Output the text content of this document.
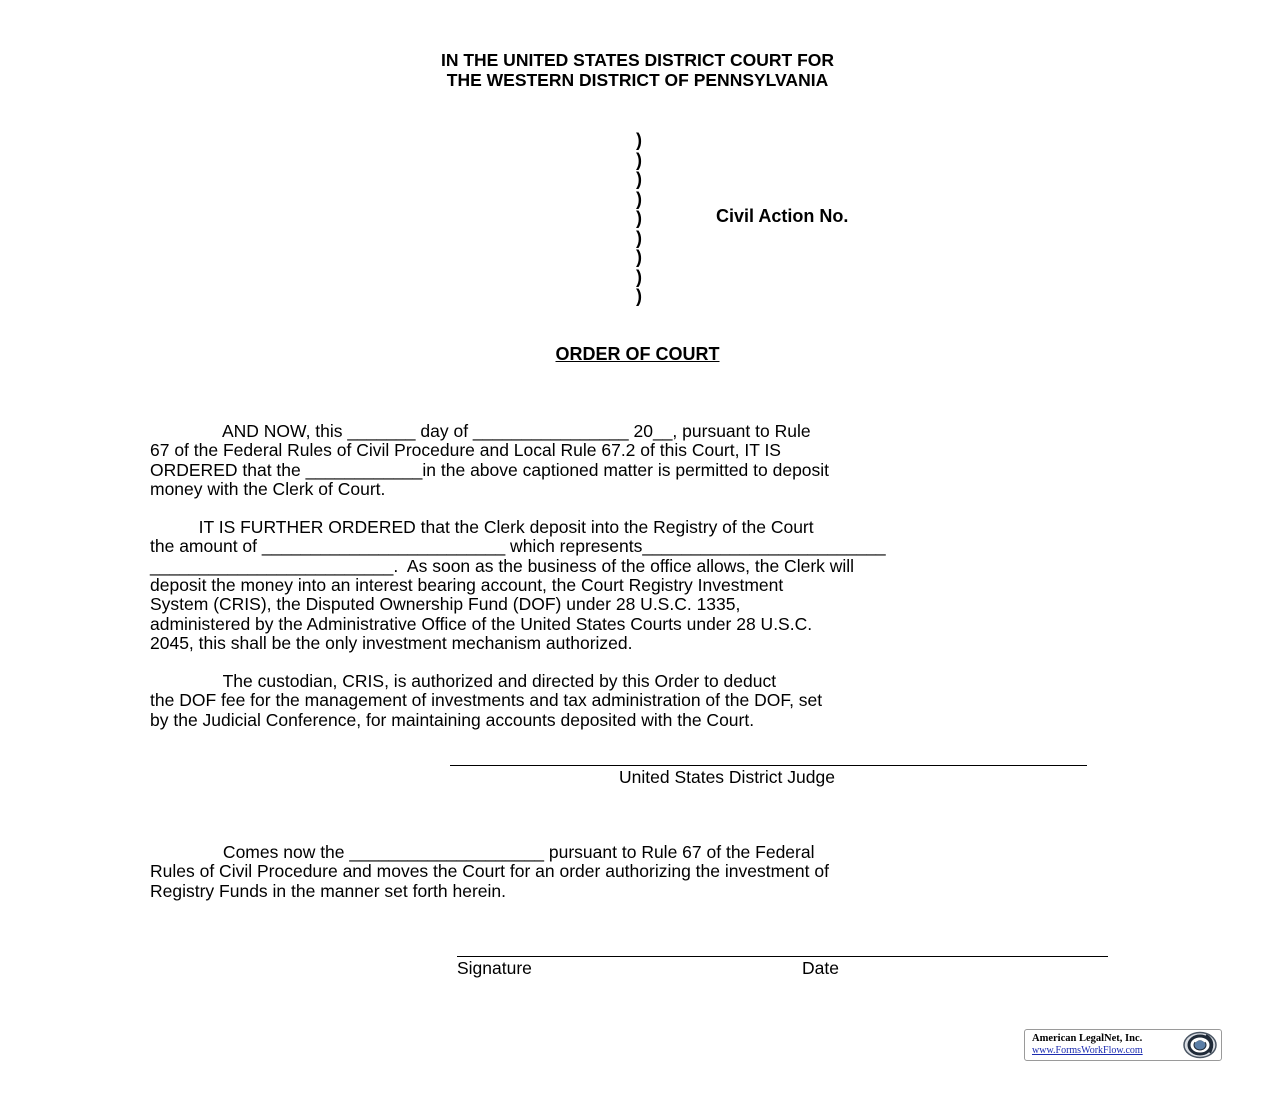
IN THE UNITED STATES DISTRICT COURT FOR
THE WESTERN DISTRICT OF PENNSYLVANIA
)
)
)
)
)
)
)
)
)
Civil Action No.
ORDER OF COURT
AND NOW, this _______ day of ________________ 20__, pursuant to Rule
67 of the Federal Rules of Civil Procedure and Local Rule 67.2 of this Court, IT IS
ORDERED that the ____________in the above captioned matter is permitted to deposit
money with the Clerk of Court.
IT IS FURTHER ORDERED that the Clerk deposit into the Registry of the Court
the amount of _________________________ which represents_________________________
_________________________.  As soon as the business of the office allows, the Clerk will
deposit the money into an interest bearing account, the Court Registry Investment
System (CRIS), the Disputed Ownership Fund (DOF) under 28 U.S.C. 1335,
administered by the Administrative Office of the United States Courts under 28 U.S.C.
2045, this shall be the only investment mechanism authorized.
The custodian, CRIS, is authorized and directed by this Order to deduct
the DOF fee for the management of investments and tax administration of the DOF, set
by the Judicial Conference, for maintaining accounts deposited with the Court.
United States District Judge
Comes now the ____________________ pursuant to Rule 67 of the Federal
Rules of Civil Procedure and moves the Court for an order authorizing the investment of
Registry Funds in the manner set forth herein.
Signature	Date
American LegalNet, Inc.
www.FormsWorkFlow.com
